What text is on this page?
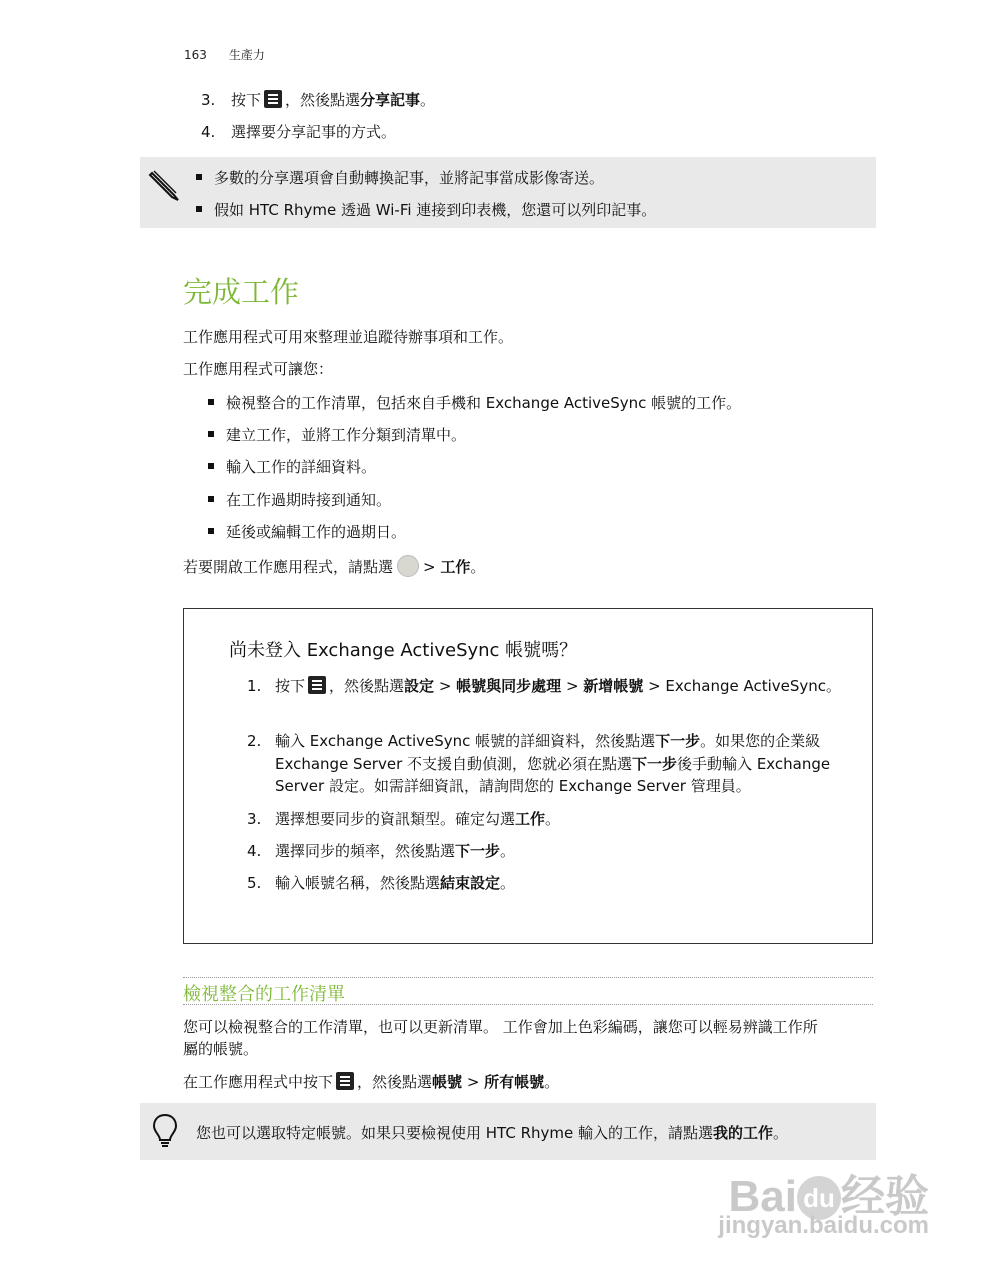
163 生產力
3. 按下 ，然後點選分享記事。
4. 選擇要分享記事的方式。
多數的分享選項會自動轉換記事，並將記事當成影像寄送。
假如 HTC Rhyme 透過 Wi-Fi 連接到印表機，您還可以列印記事。
完成工作
工作應用程式可用來整理並追蹤待辦事項和工作。
工作應用程式可讓您：
檢視整合的工作清單，包括來自手機和 Exchange ActiveSync 帳號的工作。
建立工作，並將工作分類到清單中。
輸入工作的詳細資料。
在工作過期時接到通知。
延後或編輯工作的過期日。
若要開啟工作應用程式，請點選 > 工作。
尚未登入 Exchange ActiveSync 帳號嗎？
1. 按下 ，然後點選設定 > 帳號與同步處理 > 新增帳號 > Exchange ActiveSync。
2. 輸入 Exchange ActiveSync 帳號的詳細資料，然後點選下一步。如果您的企業級 Exchange Server 不支援自動偵測，您就必須在點選下一步後手動輸入 Exchange Server 設定。如需詳細資訊，請詢問您的 Exchange Server 管理員。
3. 選擇想要同步的資訊類型。確定勾選工作。
4. 選擇同步的頻率，然後點選下一步。
5. 輸入帳號名稱，然後點選結束設定。
檢視整合的工作清單
您可以檢視整合的工作清單，也可以更新清單。 工作會加上色彩編碼，讓您可以輕易辨識工作所
屬的帳號。
在工作應用程式中按下 ，然後點選帳號 > 所有帳號。
您也可以選取特定帳號。如果只要檢視使用 HTC Rhyme 輸入的工作，請點選我的工作。
Bai du 经验
jingyan.baidu.com
